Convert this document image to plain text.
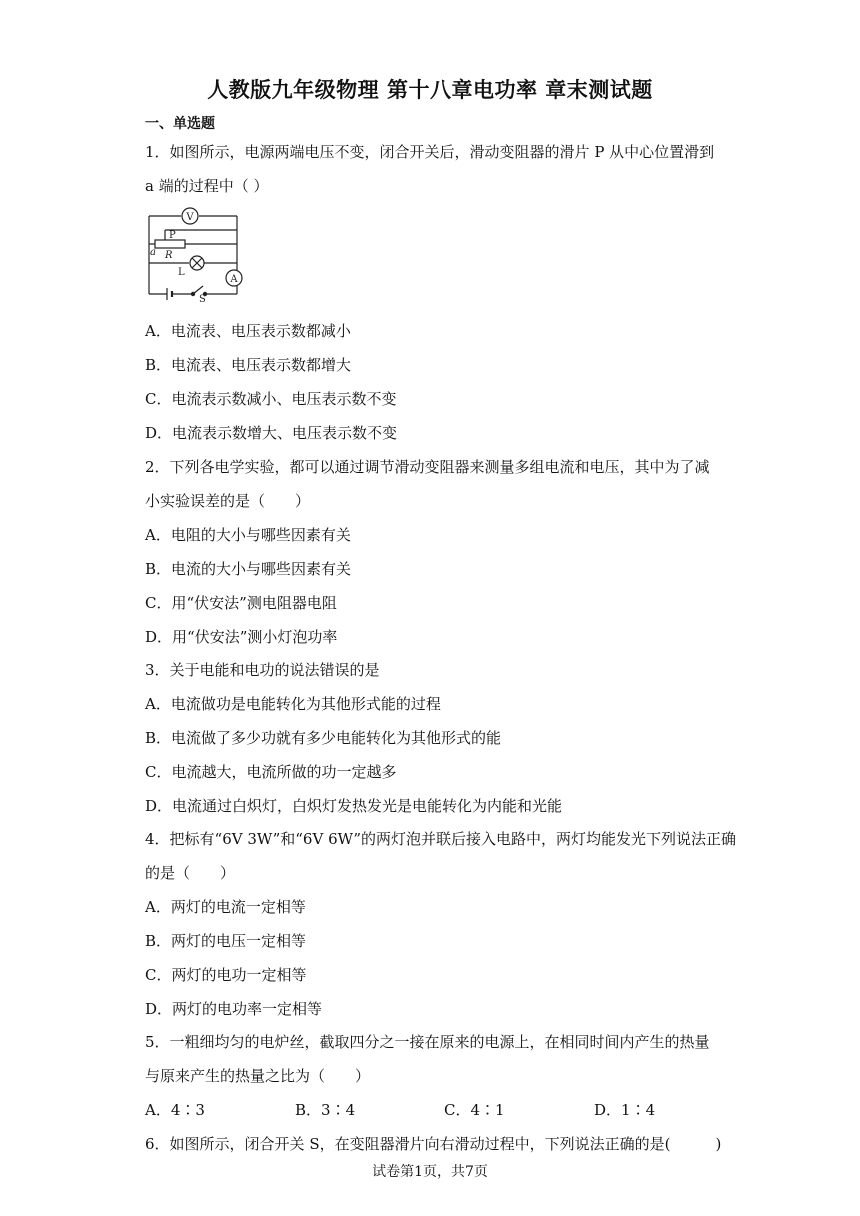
人教版九年级物理 第十八章电功率 章末测试题
一、单选题
1．如图所示，电源两端电压不变，闭合开关后，滑动变阻器的滑片 P 从中心位置滑到
a 端的过程中（ ）
V
A
P
a R
L
S
A．电流表、电压表示数都减小
B．电流表、电压表示数都增大
C．电流表示数减小、电压表示数不变
D．电流表示数增大、电压表示数不变
2．下列各电学实验，都可以通过调节滑动变阻器来测量多组电流和电压，其中为了减
小实验误差的是（　　）
A．电阻的大小与哪些因素有关
B．电流的大小与哪些因素有关
C．用“伏安法”测电阻器电阻
D．用“伏安法”测小灯泡功率
3．关于电能和电功的说法错误的是
A．电流做功是电能转化为其他形式能的过程
B．电流做了多少功就有多少电能转化为其他形式的能
C．电流越大，电流所做的功一定越多
D．电流通过白炽灯，白炽灯发热发光是电能转化为内能和光能
4．把标有“6V 3W”和“6V 6W”的两灯泡并联后接入电路中，两灯均能发光下列说法正确
的是（　　）
A．两灯的电流一定相等
B．两灯的电压一定相等
C．两灯的电功一定相等
D．两灯的电功率一定相等
5．一粗细均匀的电炉丝，截取四分之一接在原来的电源上，在相同时间内产生的热量
与原来产生的热量之比为（　　）
A．4∶3	B．3∶4	C．4∶1	D．1∶4
6．如图所示，闭合开关 S，在变阻器滑片向右滑动过程中，下列说法正确的是(　　　)
试卷第1页，共7页
